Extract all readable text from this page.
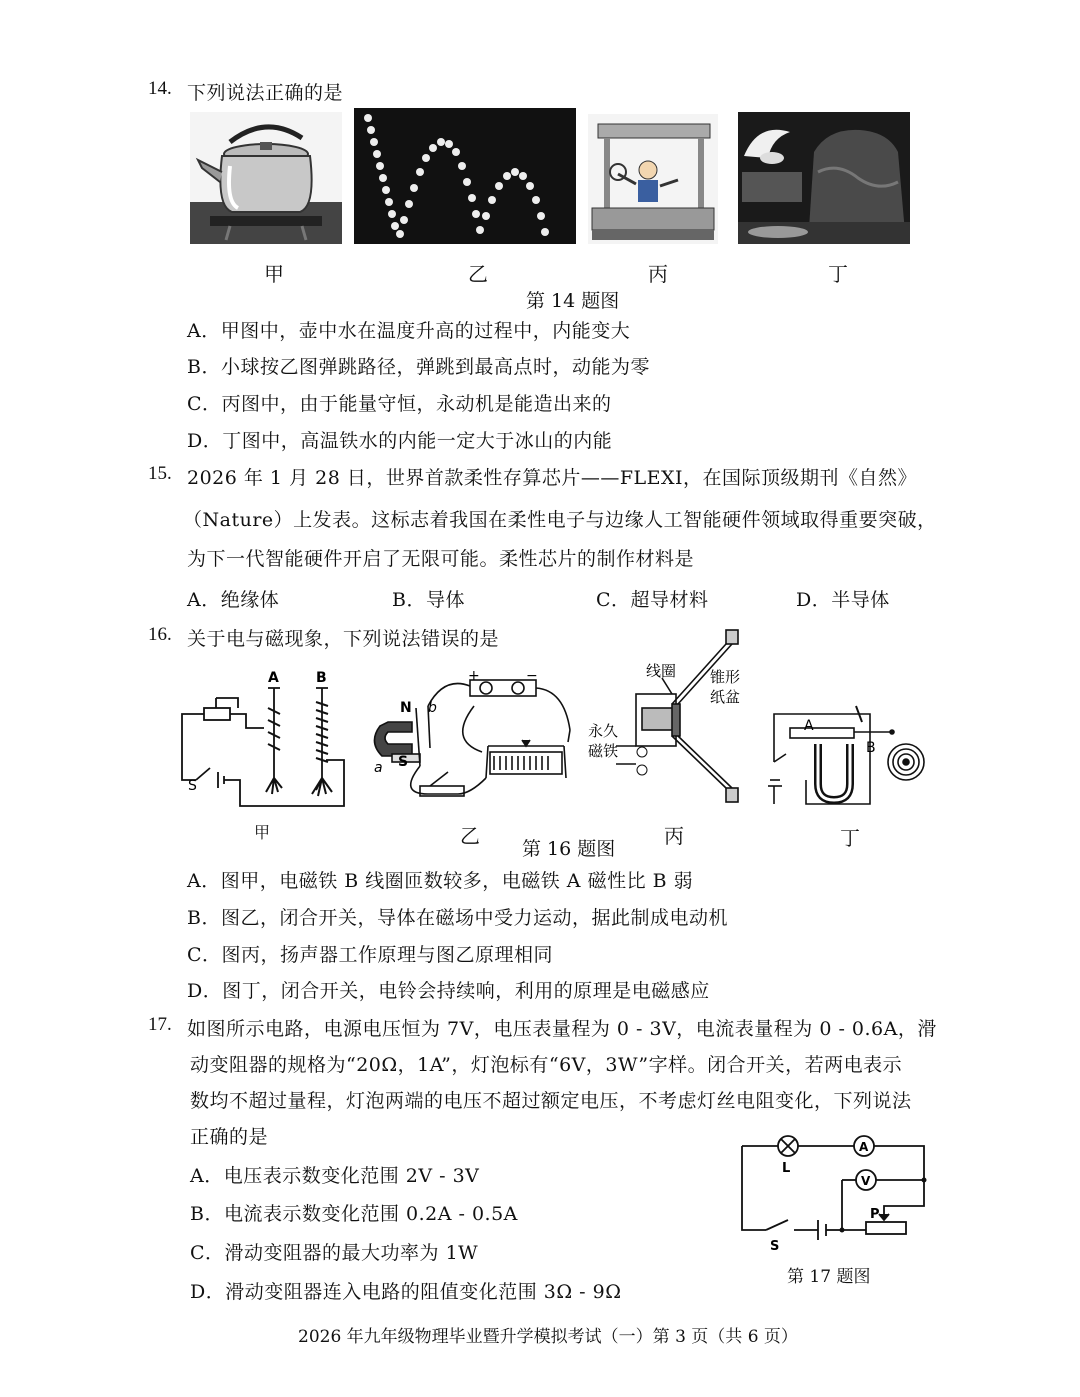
14. 下列说法正确的是
甲	乙	丙	丁
第 14 题图
A．甲图中，壶中水在温度升高的过程中，内能变大
B．小球按乙图弹跳路径，弹跳到最高点时，动能为零
C．丙图中，由于能量守恒，永动机是能造出来的
D．丁图中，高温铁水的内能一定大于冰山的内能
15. 2026 年 1 月 28 日，世界首款柔性存算芯片——FLEXI，在国际顶级期刊《自然》
（Nature）上发表。这标志着我国在柔性电子与边缘人工智能硬件领域取得重要突破，
为下一代智能硬件开启了无限可能。柔性芯片的制作材料是
A．绝缘体	B．导体	C．超导材料	D．半导体
16. 关于电与磁现象，下列说法错误的是
A	B
S
+	−
N b
S
a
线圈 锥形
纸盆
永久
磁铁
A
B
甲	乙	丙	丁
第 16 题图
A．图甲，电磁铁 B 线圈匝数较多，电磁铁 A 磁性比 B 弱
B．图乙，闭合开关，导体在磁场中受力运动，据此制成电动机
C．图丙，扬声器工作原理与图乙原理相同
D．图丁，闭合开关，电铃会持续响，利用的原理是电磁感应
17. 如图所示电路，电源电压恒为 7V，电压表量程为 0 - 3V，电流表量程为 0 - 0.6A，滑
动变阻器的规格为“20Ω，1A”，灯泡标有“6V，3W”字样。闭合开关，若两电表示
数均不超过量程，灯泡两端的电压不超过额定电压，不考虑灯丝电阻变化，下列说法
正确的是
A．电压表示数变化范围 2V - 3V
B．电流表示数变化范围 0.2A - 0.5A
C．滑动变阻器的最大功率为 1W
D．滑动变阻器连入电路的阻值变化范围 3Ω - 9Ω
L
A
V
P
S
第 17 题图
2026 年九年级物理毕业暨升学模拟考试（一）第 3 页（共 6 页）
